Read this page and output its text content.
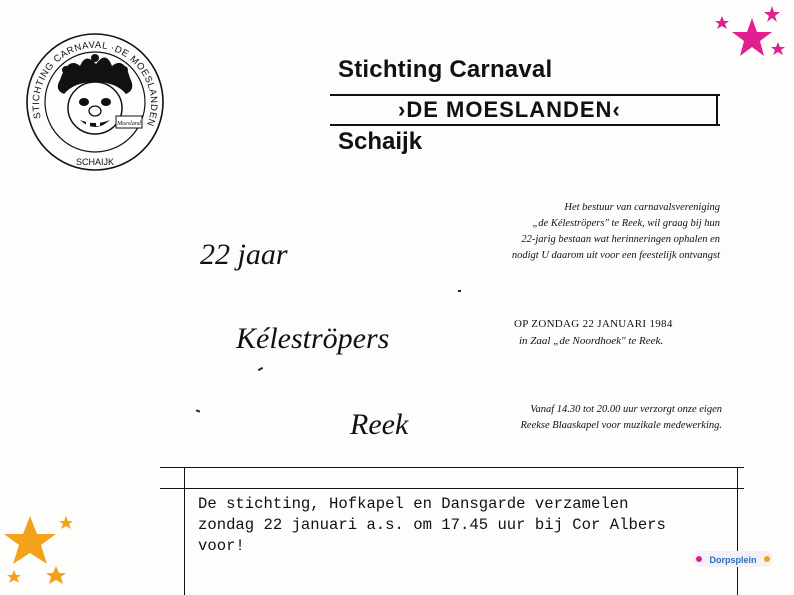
STICHTING CARNAVAL ·DE MOESLANDEN
SCHAIJK
Moesland
Stichting Carnaval
›DE MOESLANDEN‹
Schaijk
22 jaar
Kéleströpers
Reek
Het bestuur van carnavalsvereniging
„de Kéleströpers" te Reek, wil graag bij hun
22-jarig bestaan wat herinneringen ophalen en
nodigt U daarom uit voor een feestelijk ontvangst
OP ZONDAG 22 JANUARI 1984
in Zaal „de Noordhoek" te Reek.
Vanaf 14.30 tot 20.00 uur verzorgt onze eigen
Reekse Blaaskapel voor muzikale medewerking.
De stichting, Hofkapel en Dansgarde verzamelen
zondag 22 januari a.s. om 17.45 uur bij Cor Albers
voor!
Dorpsplein
